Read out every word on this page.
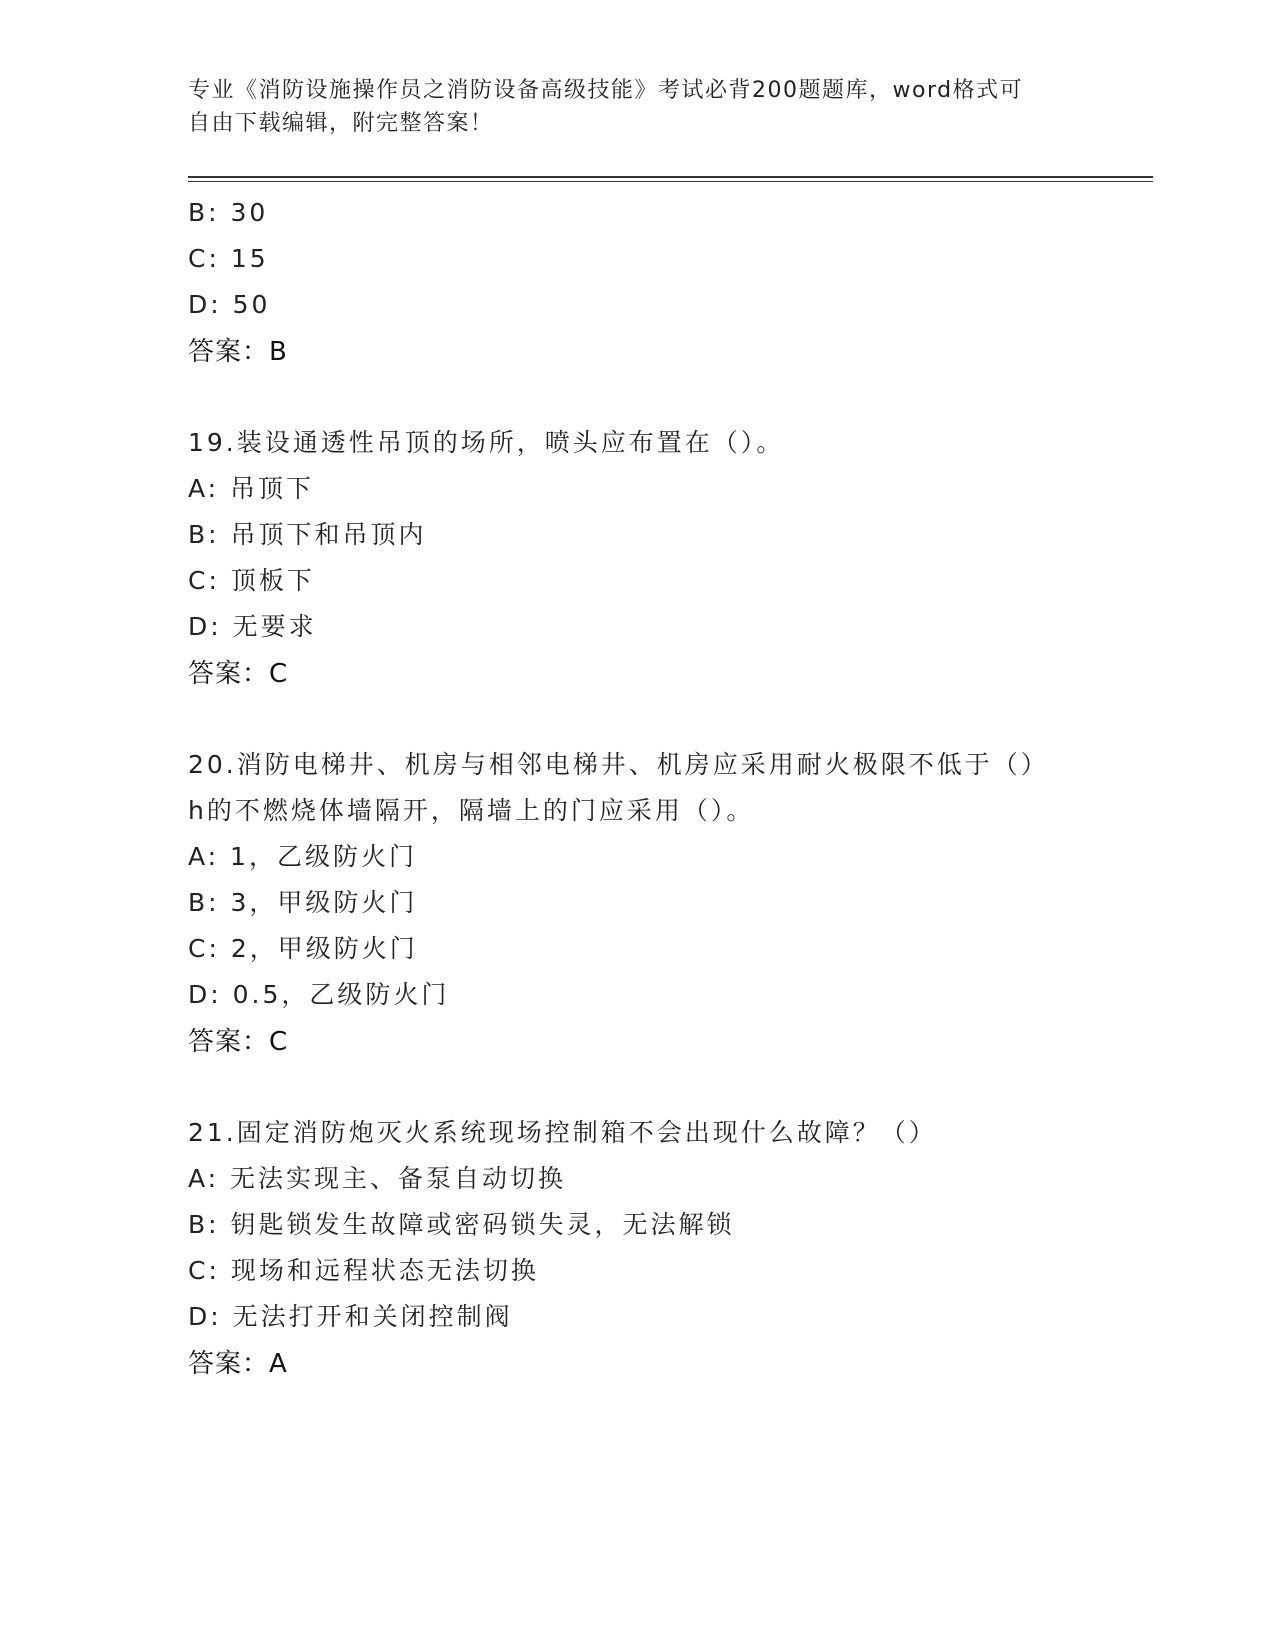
专业《消防设施操作员之消防设备高级技能》考试必背200题题库，word格式可
自由下载编辑，附完整答案！
B: 30
C: 15
D: 50
答案：B
19.装设通透性吊顶的场所，喷头应布置在（）。
A: 吊顶下
B: 吊顶下和吊顶内
C: 顶板下
D: 无要求
答案：C
20.消防电梯井、机房与相邻电梯井、机房应采用耐火极限不低于（）
h的不燃烧体墙隔开，隔墙上的门应采用（）。
A: 1，乙级防火门
B: 3，甲级防火门
C: 2，甲级防火门
D: 0.5，乙级防火门
答案：C
21.固定消防炮灭火系统现场控制箱不会出现什么故障？（）
A: 无法实现主、备泵自动切换
B: 钥匙锁发生故障或密码锁失灵，无法解锁
C: 现场和远程状态无法切换
D: 无法打开和关闭控制阀
答案：A
